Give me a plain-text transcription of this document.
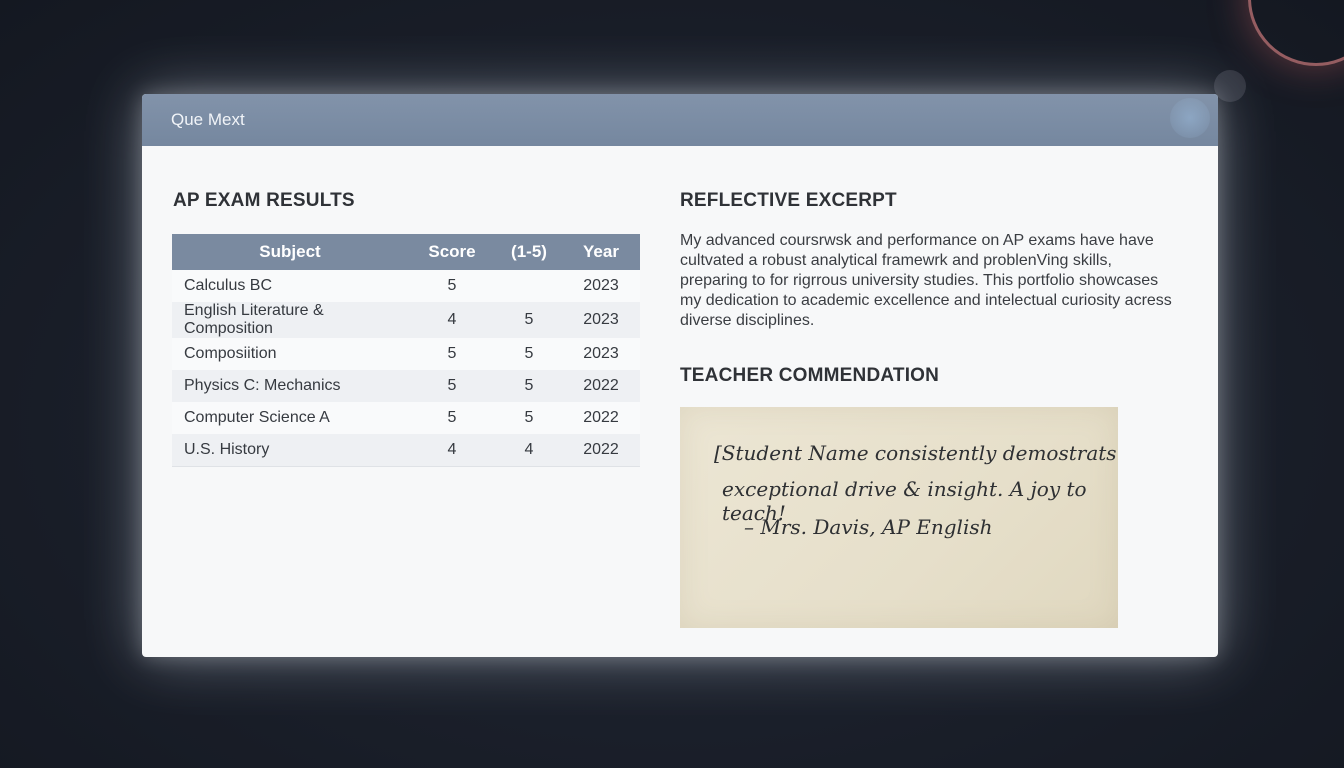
Que Mext
AP EXAM RESULTS
Subject	Score	(1-5)	Year
Calculus BC	5		2023
English Literature & Composition	4	5	2023
Composiition	5	5	2023
Physics C: Mechanics	5	5	2022
Computer Science A	5	5	2022
U.S. History	4	4	2022
REFLECTIVE EXCERPT
My advanced coursrwsk and performance on AP exams have have cultvated a robust analytical framewrk and problenVing skills, preparing to for rigrrous university studies. This portfolio showcases my dedication to academic excellence and intelectual curiosity acress diverse disciplines.
TEACHER COMMENDATION
[Student Name consistently demostrats
exceptional drive & insight. A joy to teach!
– Mrs. Davis, AP English
